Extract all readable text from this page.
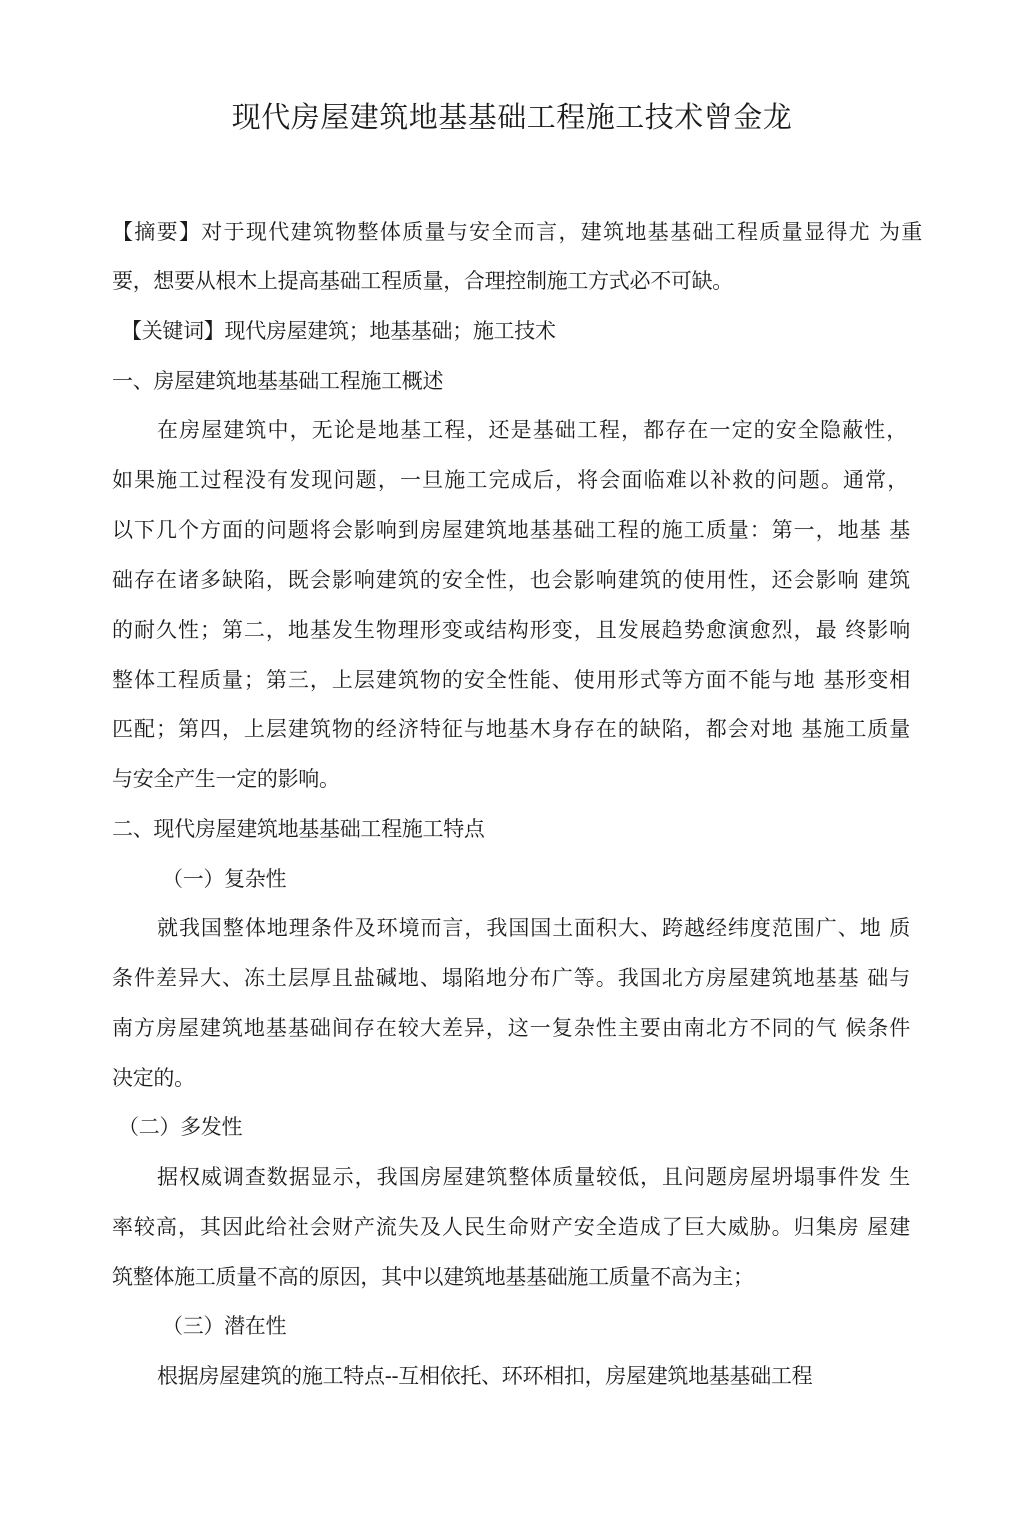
现代房屋建筑地基基础工程施工技术曾金龙
【摘要】对于现代建筑物整体质量与安全而言，建筑地基基础工程质量显得尤 为重
要，想要从根木上提高基础工程质量，合理控制施工方式必不可缺。
【关键词】现代房屋建筑；地基基础；施工技术
一、房屋建筑地基基础工程施工概述
在房屋建筑中，无论是地基工程，还是基础工程，都存在一定的安全隐蔽性，
如果施工过程没有发现问题，一旦施工完成后，将会面临难以补救的问题。通常，
以下几个方面的问题将会影响到房屋建筑地基基础工程的施工质量：第一，地基 基
础存在诸多缺陷，既会影响建筑的安全性，也会影响建筑的使用性，还会影响 建筑
的耐久性；第二，地基发生物理形变或结构形变，且发展趋势愈演愈烈，最 终影响
整体工程质量；第三，上层建筑物的安全性能、使用形式等方面不能与地 基形变相
匹配；第四，上层建筑物的经济特征与地基木身存在的缺陷，都会对地 基施工质量
与安全产生一定的影响。
二、现代房屋建筑地基基础工程施工特点
（一）复杂性
就我国整体地理条件及环境而言，我国国土面积大、跨越经纬度范围广、地 质
条件差异大、冻土层厚且盐碱地、塌陷地分布广等。我国北方房屋建筑地基基 础与
南方房屋建筑地基基础间存在较大差异，这一复杂性主要由南北方不同的气 候条件
决定的。
（二）多发性
据权威调查数据显示，我国房屋建筑整体质量较低，且问题房屋坍塌事件发 生
率较高，其因此给社会财产流失及人民生命财产安全造成了巨大威胁。归集房 屋建
筑整体施工质量不高的原因，其中以建筑地基基础施工质量不高为主；
（三）潜在性
根据房屋建筑的施工特点--互相依托、环环相扣，房屋建筑地基基础工程
